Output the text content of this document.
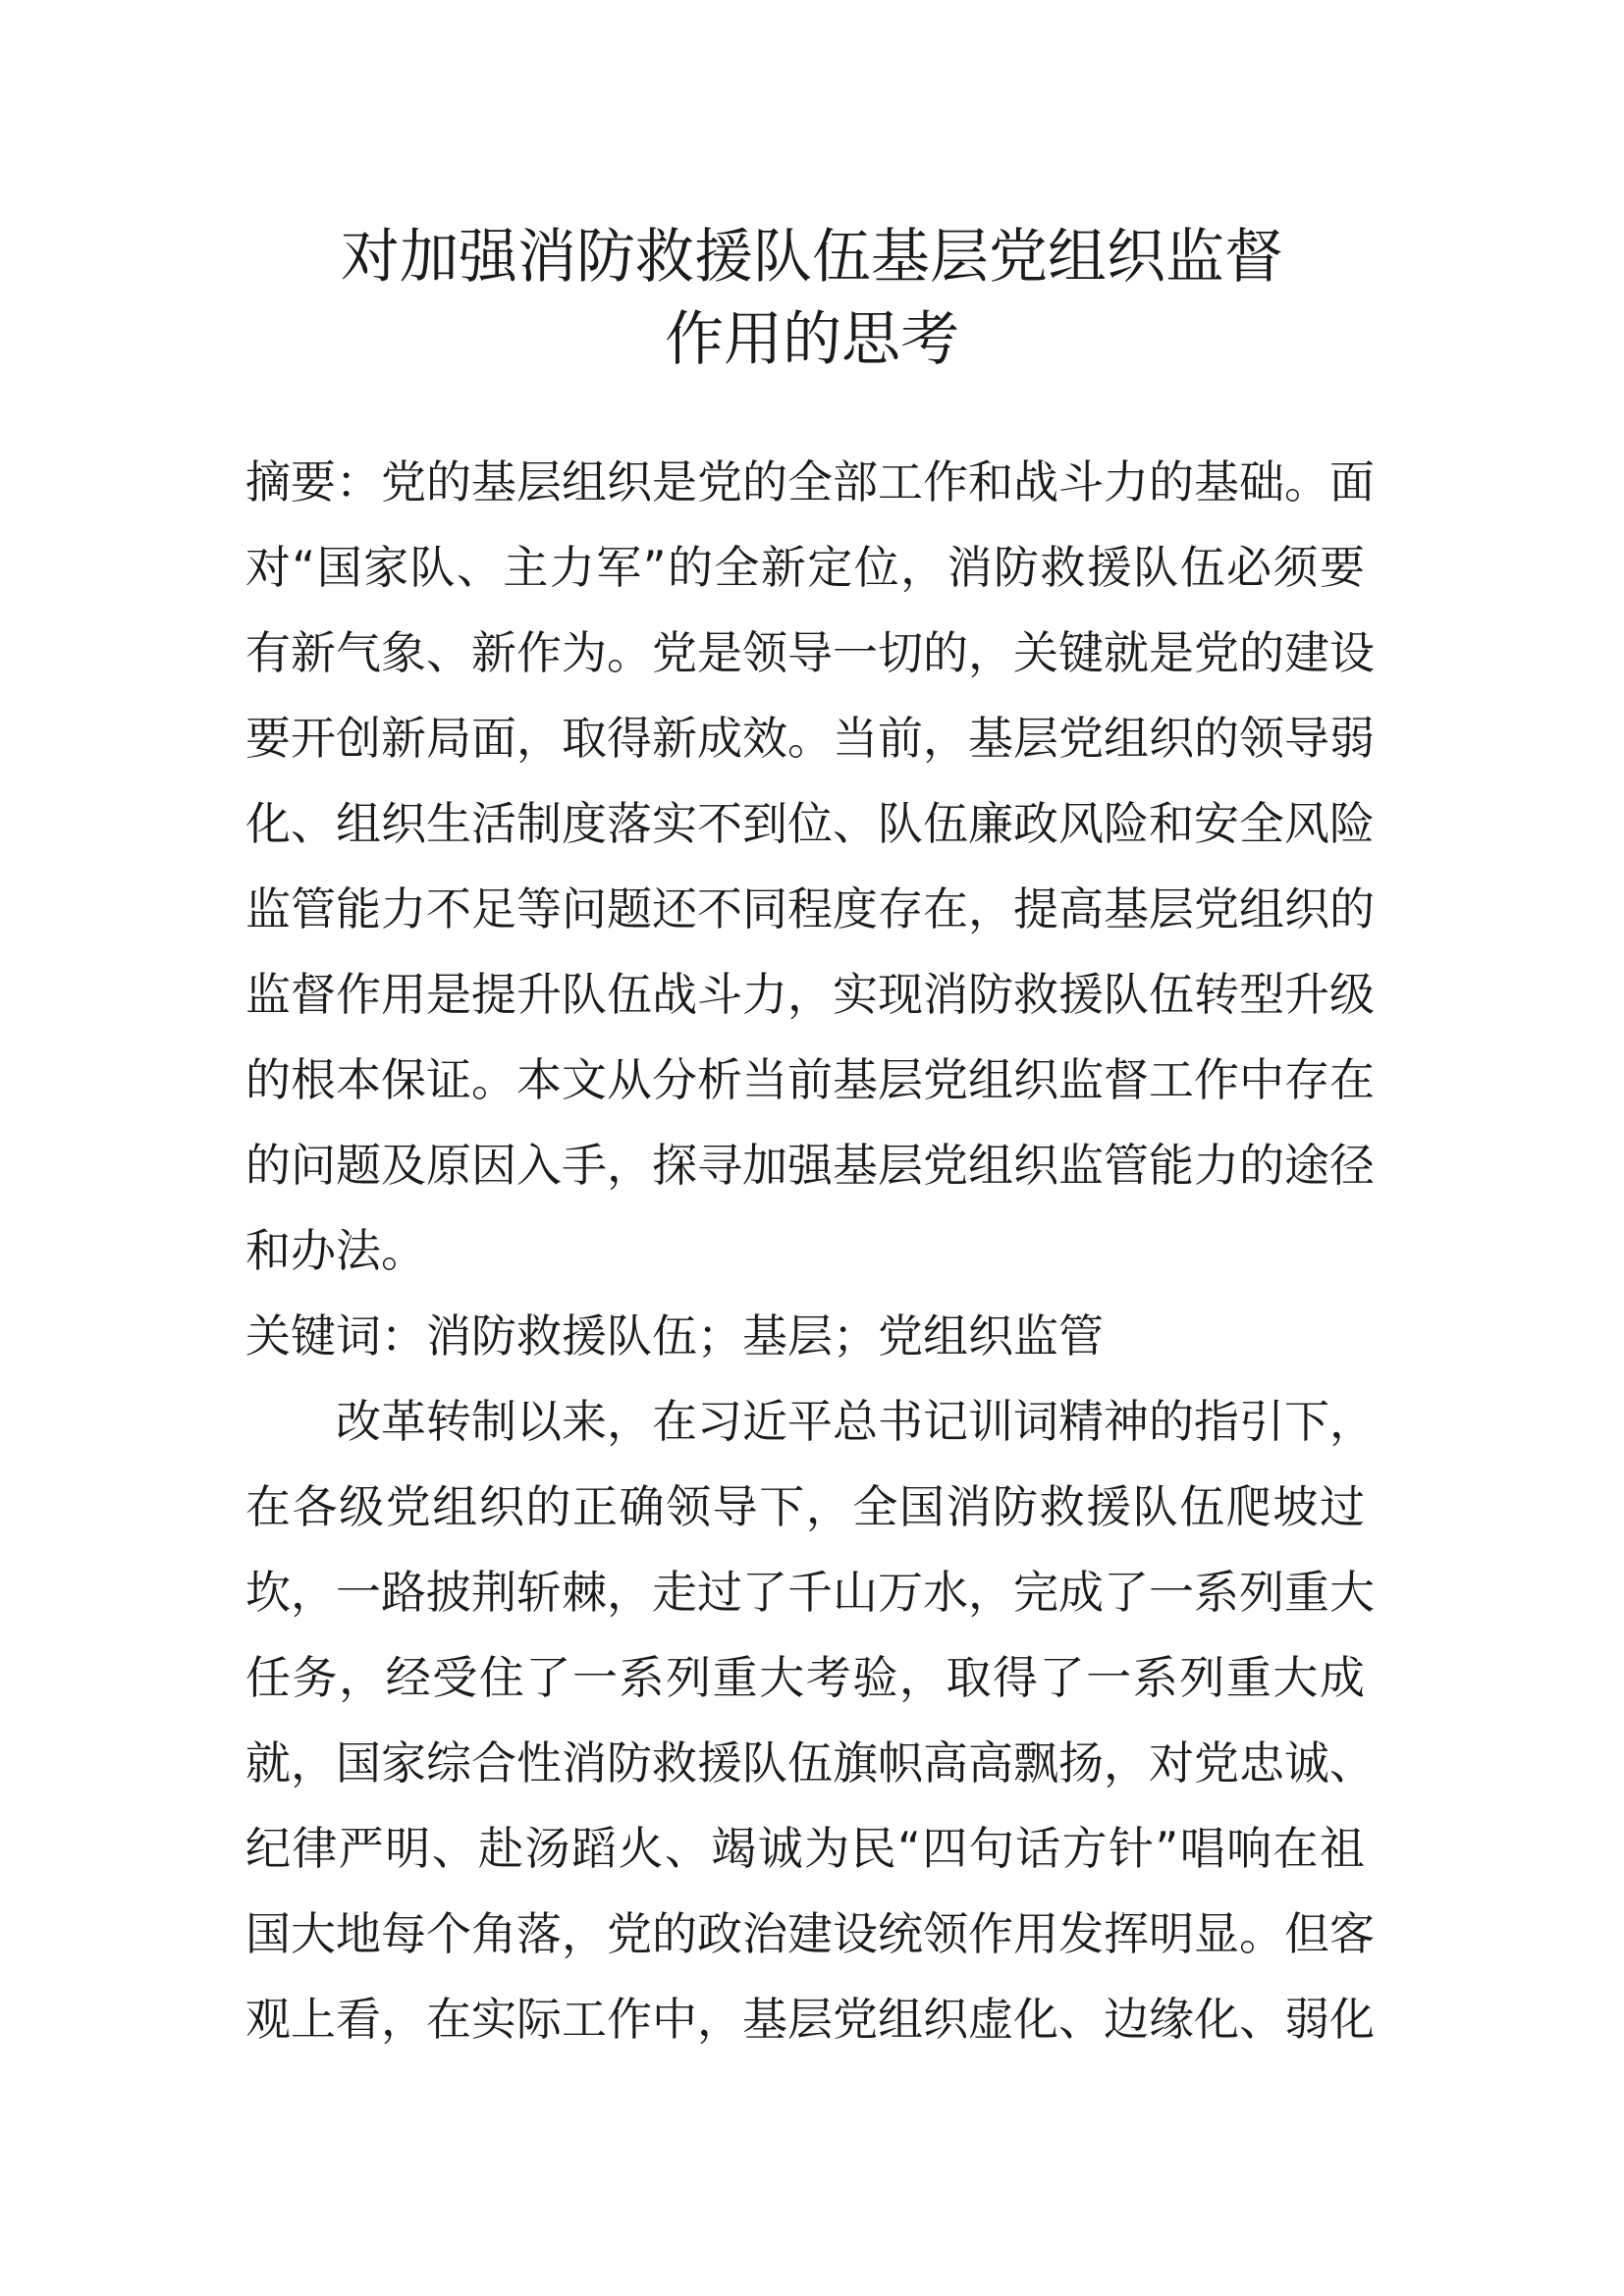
对加强消防救援队伍基层党组织监督
作用的思考
摘要：党的基层组织是党的全部工作和战斗力的基础。面
对“国家队、主力军”的全新定位，消防救援队伍必须要
有新气象、新作为。党是领导一切的，关键就是党的建设
要开创新局面，取得新成效。当前，基层党组织的领导弱
化、组织生活制度落实不到位、队伍廉政风险和安全风险
监管能力不足等问题还不同程度存在，提高基层党组织的
监督作用是提升队伍战斗力，实现消防救援队伍转型升级
的根本保证。本文从分析当前基层党组织监督工作中存在
的问题及原因入手，探寻加强基层党组织监管能力的途径
和办法。
关键词：消防救援队伍；基层；党组织监管
改革转制以来，在习近平总书记训词精神的指引下，
在各级党组织的正确领导下，全国消防救援队伍爬坡过
坎，一路披荆斩棘，走过了千山万水，完成了一系列重大
任务，经受住了一系列重大考验，取得了一系列重大成
就，国家综合性消防救援队伍旗帜高高飘扬，对党忠诚、
纪律严明、赴汤蹈火、竭诚为民“四句话方针”唱响在祖
国大地每个角落，党的政治建设统领作用发挥明显。但客
观上看，在实际工作中，基层党组织虚化、边缘化、弱化
